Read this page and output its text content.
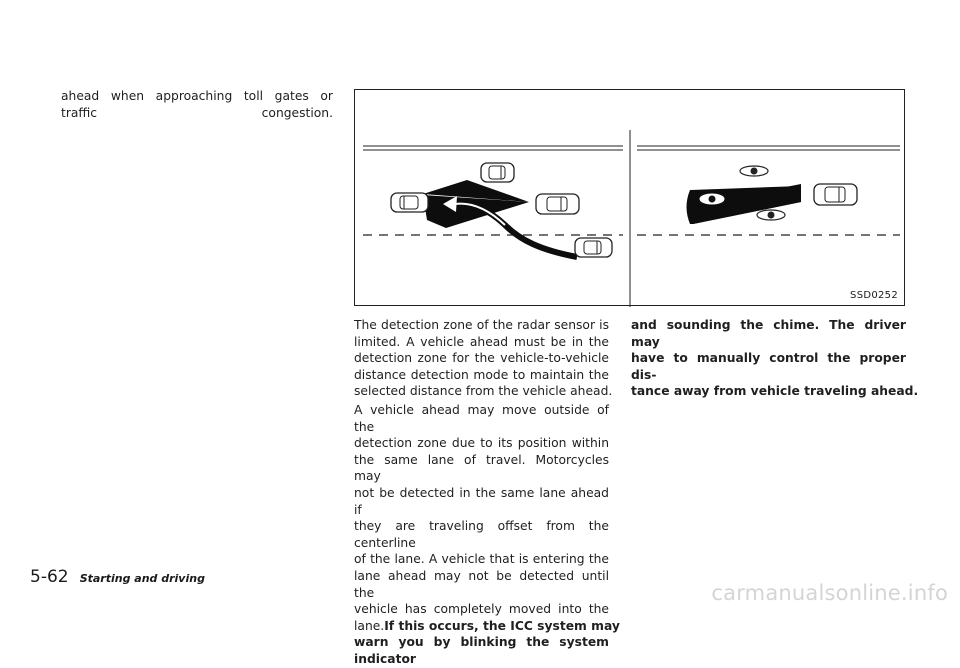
ahead when approaching toll gates or
traffic congestion.
SSD0252
The detection zone of the radar sensor is
limited. A vehicle ahead must be in the
detection zone for the vehicle-to-vehicle
distance detection mode to maintain the
selected distance from the vehicle ahead.
A vehicle ahead may move outside of the
detection zone due to its position within
the same lane of travel. Motorcycles may
not be detected in the same lane ahead if
they are traveling offset from the centerline
of the lane. A vehicle that is entering the
lane ahead may not be detected until the
vehicle has completely moved into the
lane. If this occurs, the ICC system may
warn you by blinking the system indicator
and sounding the chime. The driver may
have to manually control the proper dis-
tance away from vehicle traveling ahead.
5-62 Starting and driving
carmanualsonline.info
